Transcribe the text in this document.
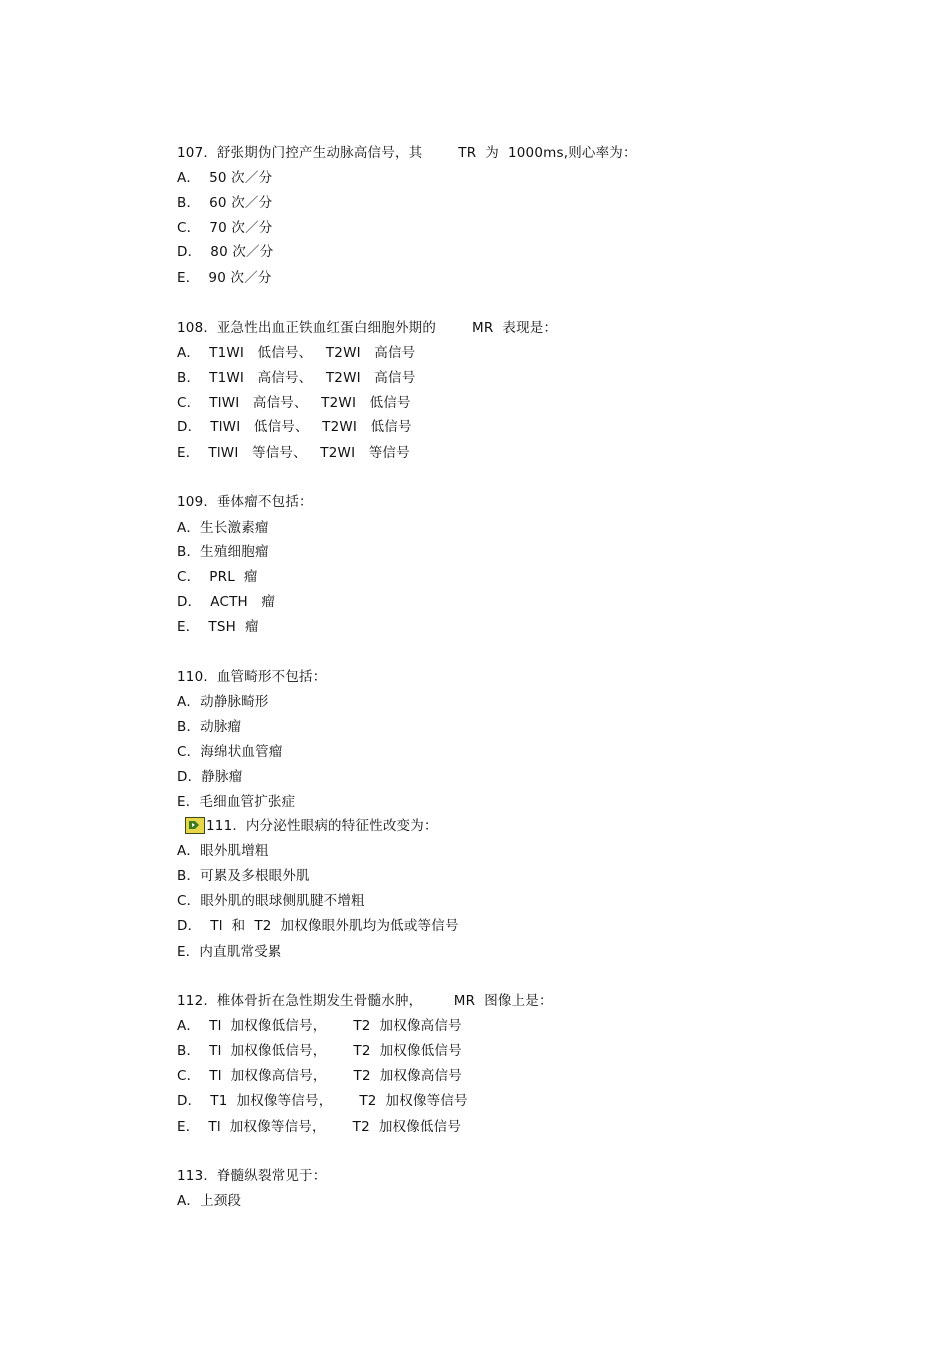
107.  舒张期伪门控产生动脉高信号，其        TR  为  1000ms,则心率为：
A．  50 次／分
B．  60 次／分
C．  70 次／分
D．  80 次／分
E．  90 次／分
108.  亚急性出血正铁血红蛋白细胞外期的        MR  表现是：
A．  T1WI   低信号、   T2WI   高信号
B．  T1WI   高信号、   T2WI   高信号
C．  TlWI   高信号、   T2WI   低信号
D．  TlWI   低信号、   T2WI   低信号
E．  TlWI   等信号、   T2WI   等信号
109.  垂体瘤不包括：
A．生长激素瘤
B．生殖细胞瘤
C．  PRL  瘤
D．  ACTH   瘤
E．  TSH  瘤
110.  血管畸形不包括：
A．动静脉畸形
B．动脉瘤
C．海绵状血管瘤
D．静脉瘤
E．毛细血管扩张症
111.  内分泌性眼病的特征性改变为：
A．眼外肌增粗
B．可累及多根眼外肌
C．眼外肌的眼球侧肌腱不增粗
D．  Tl  和  T2  加权像眼外肌均为低或等信号
E．内直肌常受累
112.  椎体骨折在急性期发生骨髓水肿，       MR  图像上是：
A．  Tl  加权像低信号，      T2  加权像高信号
B．  Tl  加权像低信号，      T2  加权像低信号
C．  Tl  加权像高信号，      T2  加权像高信号
D．  T1  加权像等信号，      T2  加权像等信号
E．  Tl  加权像等信号，      T2  加权像低信号
113.  脊髓纵裂常见于：
A．上颈段
